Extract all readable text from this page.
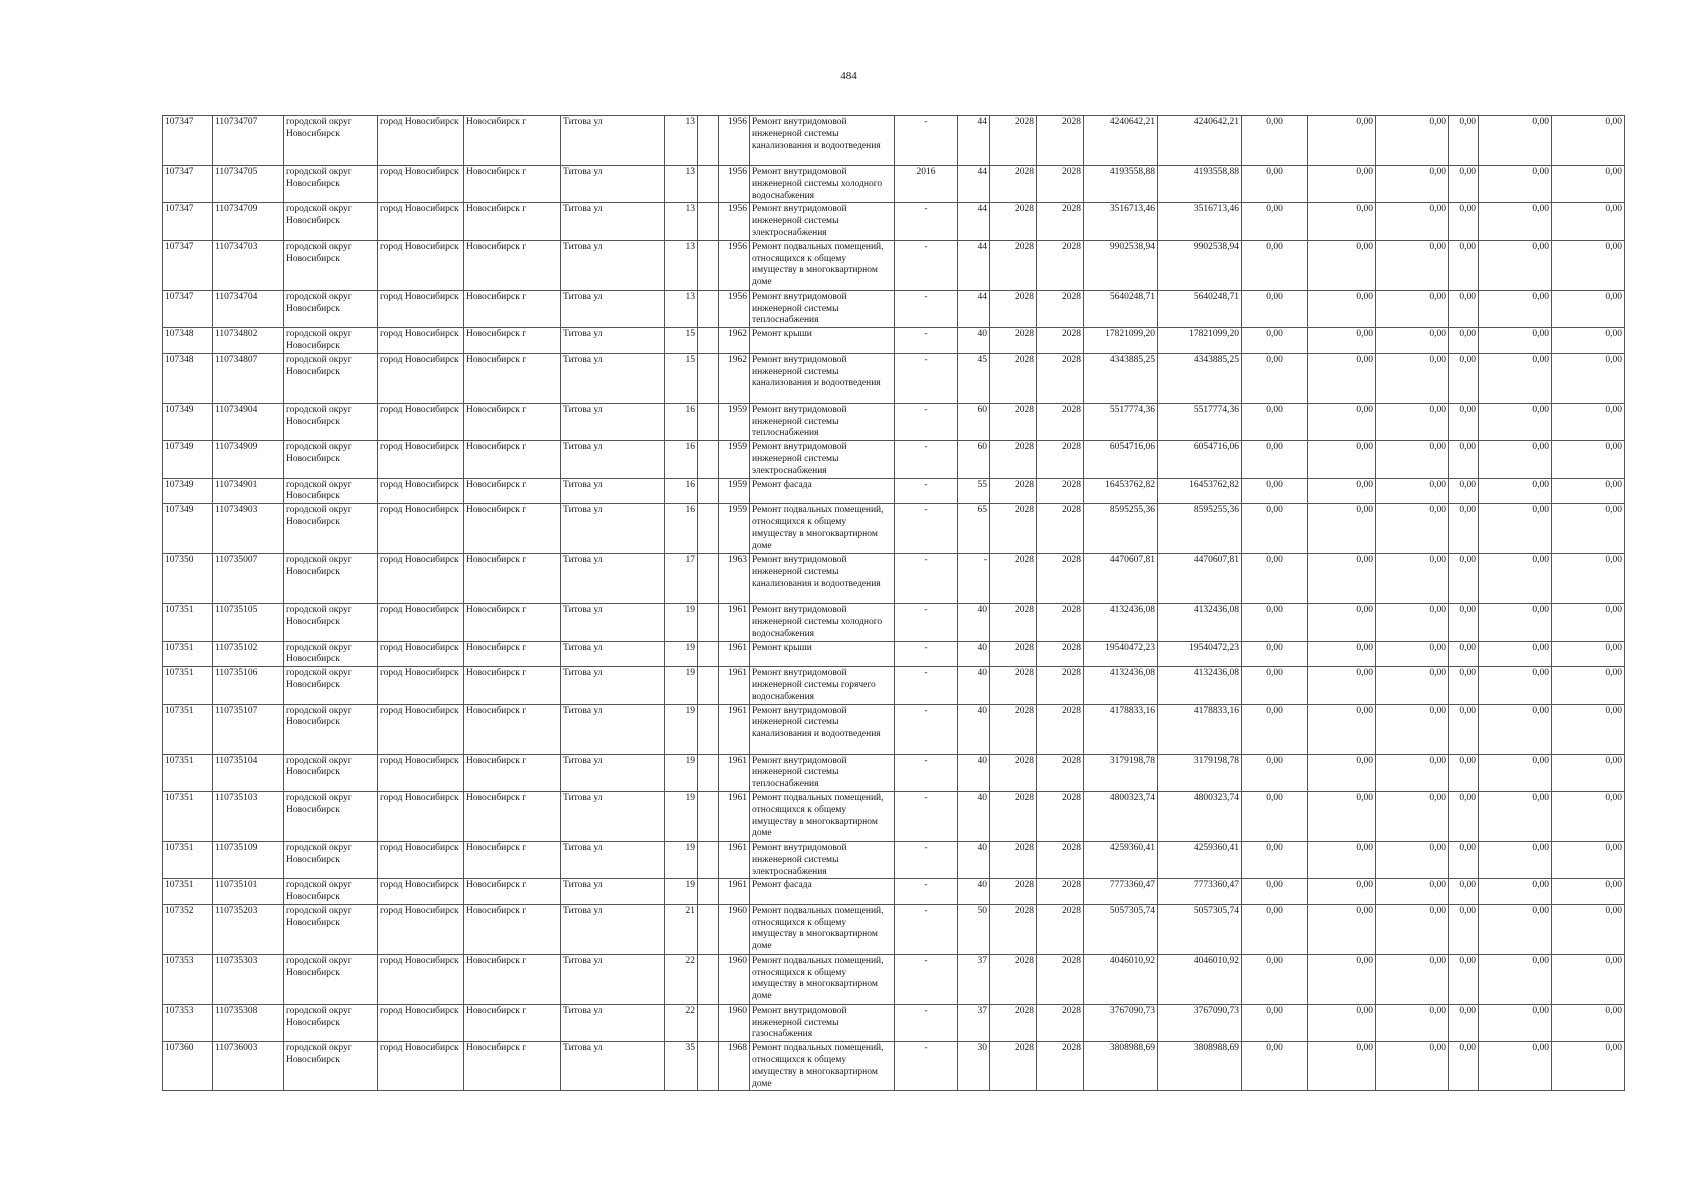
484
107347	110734707	городской округ Новосибирск	город Новосибирск	Новосибирск г	Титова ул	13		1956	Ремонт внутридомовой инженерной системы канализования и водоотведения	-	44	2028	2028	4240642,21	4240642,21	0,00	0,00	0,00	0,00	0,00	0,00
107347	110734705	городской округ Новосибирск	город Новосибирск	Новосибирск г	Титова ул	13		1956	Ремонт внутридомовой инженерной системы холодного водоснабжения	2016	44	2028	2028	4193558,88	4193558,88	0,00	0,00	0,00	0,00	0,00	0,00
107347	110734709	городской округ Новосибирск	город Новосибирск	Новосибирск г	Титова ул	13		1956	Ремонт внутридомовой инженерной системы электроснабжения	-	44	2028	2028	3516713,46	3516713,46	0,00	0,00	0,00	0,00	0,00	0,00
107347	110734703	городской округ Новосибирск	город Новосибирск	Новосибирск г	Титова ул	13		1956	Ремонт подвальных помещений, относящихся к общему имуществу в многоквартирном доме	-	44	2028	2028	9902538,94	9902538,94	0,00	0,00	0,00	0,00	0,00	0,00
107347	110734704	городской округ Новосибирск	город Новосибирск	Новосибирск г	Титова ул	13		1956	Ремонт внутридомовой инженерной системы теплоснабжения	-	44	2028	2028	5640248,71	5640248,71	0,00	0,00	0,00	0,00	0,00	0,00
107348	110734802	городской округ Новосибирск	город Новосибирск	Новосибирск г	Титова ул	15		1962	Ремонт крыши	-	40	2028	2028	17821099,20	17821099,20	0,00	0,00	0,00	0,00	0,00	0,00
107348	110734807	городской округ Новосибирск	город Новосибирск	Новосибирск г	Титова ул	15		1962	Ремонт внутридомовой инженерной системы канализования и водоотведения	-	45	2028	2028	4343885,25	4343885,25	0,00	0,00	0,00	0,00	0,00	0,00
107349	110734904	городской округ Новосибирск	город Новосибирск	Новосибирск г	Титова ул	16		1959	Ремонт внутридомовой инженерной системы теплоснабжения	-	60	2028	2028	5517774,36	5517774,36	0,00	0,00	0,00	0,00	0,00	0,00
107349	110734909	городской округ Новосибирск	город Новосибирск	Новосибирск г	Титова ул	16		1959	Ремонт внутридомовой инженерной системы электроснабжения	-	60	2028	2028	6054716,06	6054716,06	0,00	0,00	0,00	0,00	0,00	0,00
107349	110734901	городской округ Новосибирск	город Новосибирск	Новосибирск г	Титова ул	16		1959	Ремонт фасада	-	55	2028	2028	16453762,82	16453762,82	0,00	0,00	0,00	0,00	0,00	0,00
107349	110734903	городской округ Новосибирск	город Новосибирск	Новосибирск г	Титова ул	16		1959	Ремонт подвальных помещений, относящихся к общему имуществу в многоквартирном доме	-	65	2028	2028	8595255,36	8595255,36	0,00	0,00	0,00	0,00	0,00	0,00
107350	110735007	городской округ Новосибирск	город Новосибирск	Новосибирск г	Титова ул	17		1963	Ремонт внутридомовой инженерной системы канализования и водоотведения	-	-	2028	2028	4470607,81	4470607,81	0,00	0,00	0,00	0,00	0,00	0,00
107351	110735105	городской округ Новосибирск	город Новосибирск	Новосибирск г	Титова ул	19		1961	Ремонт внутридомовой инженерной системы холодного водоснабжения	-	40	2028	2028	4132436,08	4132436,08	0,00	0,00	0,00	0,00	0,00	0,00
107351	110735102	городской округ Новосибирск	город Новосибирск	Новосибирск г	Титова ул	19		1961	Ремонт крыши	-	40	2028	2028	19540472,23	19540472,23	0,00	0,00	0,00	0,00	0,00	0,00
107351	110735106	городской округ Новосибирск	город Новосибирск	Новосибирск г	Титова ул	19		1961	Ремонт внутридомовой инженерной системы горячего водоснабжения	-	40	2028	2028	4132436,08	4132436,08	0,00	0,00	0,00	0,00	0,00	0,00
107351	110735107	городской округ Новосибирск	город Новосибирск	Новосибирск г	Титова ул	19		1961	Ремонт внутридомовой инженерной системы канализования и водоотведения	-	40	2028	2028	4178833,16	4178833,16	0,00	0,00	0,00	0,00	0,00	0,00
107351	110735104	городской округ Новосибирск	город Новосибирск	Новосибирск г	Титова ул	19		1961	Ремонт внутридомовой инженерной системы теплоснабжения	-	40	2028	2028	3179198,78	3179198,78	0,00	0,00	0,00	0,00	0,00	0,00
107351	110735103	городской округ Новосибирск	город Новосибирск	Новосибирск г	Титова ул	19		1961	Ремонт подвальных помещений, относящихся к общему имуществу в многоквартирном доме	-	40	2028	2028	4800323,74	4800323,74	0,00	0,00	0,00	0,00	0,00	0,00
107351	110735109	городской округ Новосибирск	город Новосибирск	Новосибирск г	Титова ул	19		1961	Ремонт внутридомовой инженерной системы электроснабжения	-	40	2028	2028	4259360,41	4259360,41	0,00	0,00	0,00	0,00	0,00	0,00
107351	110735101	городской округ Новосибирск	город Новосибирск	Новосибирск г	Титова ул	19		1961	Ремонт фасада	-	40	2028	2028	7773360,47	7773360,47	0,00	0,00	0,00	0,00	0,00	0,00
107352	110735203	городской округ Новосибирск	город Новосибирск	Новосибирск г	Титова ул	21		1960	Ремонт подвальных помещений, относящихся к общему имуществу в многоквартирном доме	-	50	2028	2028	5057305,74	5057305,74	0,00	0,00	0,00	0,00	0,00	0,00
107353	110735303	городской округ Новосибирск	город Новосибирск	Новосибирск г	Титова ул	22		1960	Ремонт подвальных помещений, относящихся к общему имуществу в многоквартирном доме	-	37	2028	2028	4046010,92	4046010,92	0,00	0,00	0,00	0,00	0,00	0,00
107353	110735308	городской округ Новосибирск	город Новосибирск	Новосибирск г	Титова ул	22		1960	Ремонт внутридомовой инженерной системы газоснабжения	-	37	2028	2028	3767090,73	3767090,73	0,00	0,00	0,00	0,00	0,00	0,00
107360	110736003	городской округ Новосибирск	город Новосибирск	Новосибирск г	Титова ул	35		1968	Ремонт подвальных помещений, относящихся к общему имуществу в многоквартирном доме	-	30	2028	2028	3808988,69	3808988,69	0,00	0,00	0,00	0,00	0,00	0,00
